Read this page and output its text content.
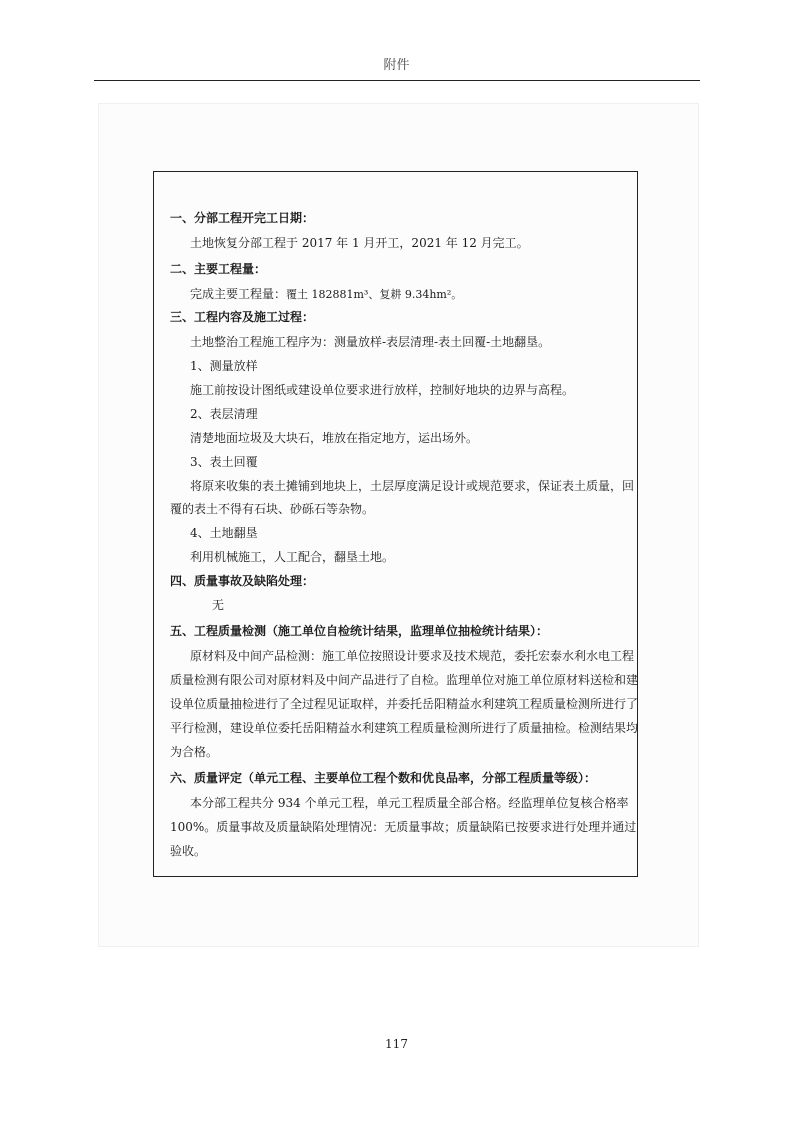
附件
一、分部工程开完工日期：
土地恢复分部工程于 2017 年 1 月开工，2021 年 12 月完工。
二、主要工程量：
完成主要工程量：覆土 182881m³、复耕 9.34hm²。
三、工程内容及施工过程：
土地整治工程施工程序为：测量放样-表层清理-表土回覆-土地翻垦。
1、测量放样
施工前按设计图纸或建设单位要求进行放样，控制好地块的边界与高程。
2、表层清理
清楚地面垃圾及大块石，堆放在指定地方，运出场外。
3、表土回覆
将原来收集的表土摊铺到地块上，土层厚度满足设计或规范要求，保证表土质量，回
覆的表土不得有石块、砂砾石等杂物。
4、土地翻垦
利用机械施工，人工配合，翻垦土地。
四、质量事故及缺陷处理：
无
五、工程质量检测（施工单位自检统计结果，监理单位抽检统计结果）：
原材料及中间产品检测：施工单位按照设计要求及技术规范，委托宏泰水利水电工程
质量检测有限公司对原材料及中间产品进行了自检。监理单位对施工单位原材料送检和建
设单位质量抽检进行了全过程见证取样，并委托岳阳精益水利建筑工程质量检测所进行了
平行检测，建设单位委托岳阳精益水利建筑工程质量检测所进行了质量抽检。检测结果均
为合格。
六、质量评定（单元工程、主要单位工程个数和优良品率，分部工程质量等级）：
本分部工程共分 934 个单元工程，单元工程质量全部合格。经监理单位复核合格率
100%。质量事故及质量缺陷处理情况：无质量事故；质量缺陷已按要求进行处理并通过
验收。
117
